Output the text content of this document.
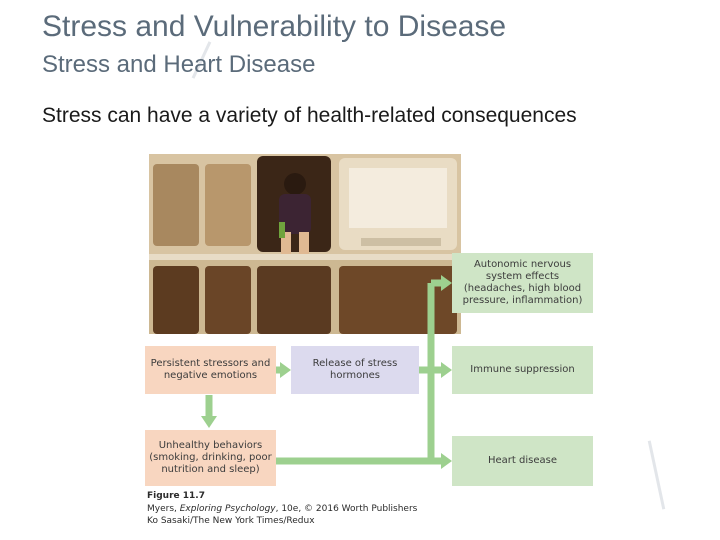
Stress and Vulnerability to Disease
Stress and Heart Disease
Stress can have a variety of health-related consequences
Persistent stressors and negative emotions
Release of stress hormones
Autonomic nervous system effects (headaches, high blood pressure, inflammation)
Immune suppression
Heart disease
Unhealthy behaviors (smoking, drinking, poor nutrition and sleep)
Figure 11.7
Myers, Exploring Psychology, 10e, © 2016 Worth Publishers
Ko Sasaki/The New York Times/Redux
